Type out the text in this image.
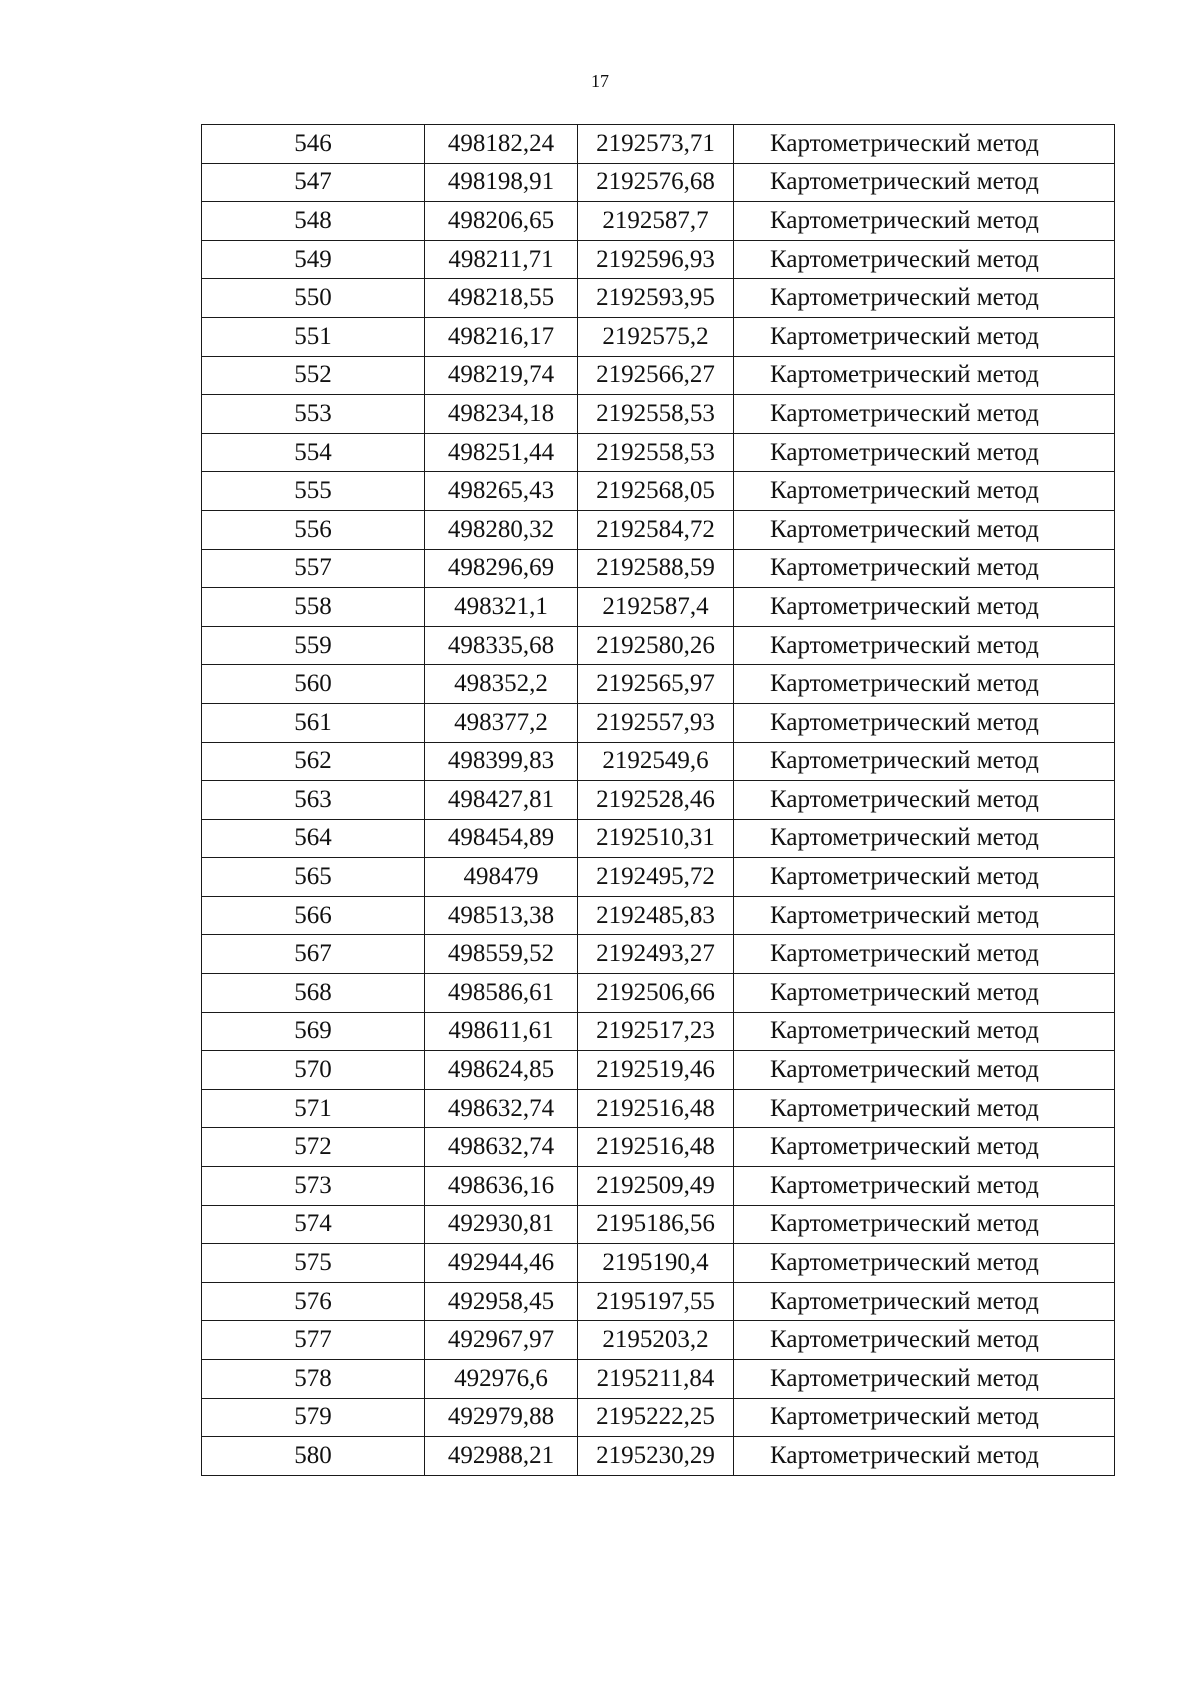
17
546	498182,24	2192573,71	Картометрический метод
547	498198,91	2192576,68	Картометрический метод
548	498206,65	2192587,7	Картометрический метод
549	498211,71	2192596,93	Картометрический метод
550	498218,55	2192593,95	Картометрический метод
551	498216,17	2192575,2	Картометрический метод
552	498219,74	2192566,27	Картометрический метод
553	498234,18	2192558,53	Картометрический метод
554	498251,44	2192558,53	Картометрический метод
555	498265,43	2192568,05	Картометрический метод
556	498280,32	2192584,72	Картометрический метод
557	498296,69	2192588,59	Картометрический метод
558	498321,1	2192587,4	Картометрический метод
559	498335,68	2192580,26	Картометрический метод
560	498352,2	2192565,97	Картометрический метод
561	498377,2	2192557,93	Картометрический метод
562	498399,83	2192549,6	Картометрический метод
563	498427,81	2192528,46	Картометрический метод
564	498454,89	2192510,31	Картометрический метод
565	498479	2192495,72	Картометрический метод
566	498513,38	2192485,83	Картометрический метод
567	498559,52	2192493,27	Картометрический метод
568	498586,61	2192506,66	Картометрический метод
569	498611,61	2192517,23	Картометрический метод
570	498624,85	2192519,46	Картометрический метод
571	498632,74	2192516,48	Картометрический метод
572	498632,74	2192516,48	Картометрический метод
573	498636,16	2192509,49	Картометрический метод
574	492930,81	2195186,56	Картометрический метод
575	492944,46	2195190,4	Картометрический метод
576	492958,45	2195197,55	Картометрический метод
577	492967,97	2195203,2	Картометрический метод
578	492976,6	2195211,84	Картометрический метод
579	492979,88	2195222,25	Картометрический метод
580	492988,21	2195230,29	Картометрический метод
